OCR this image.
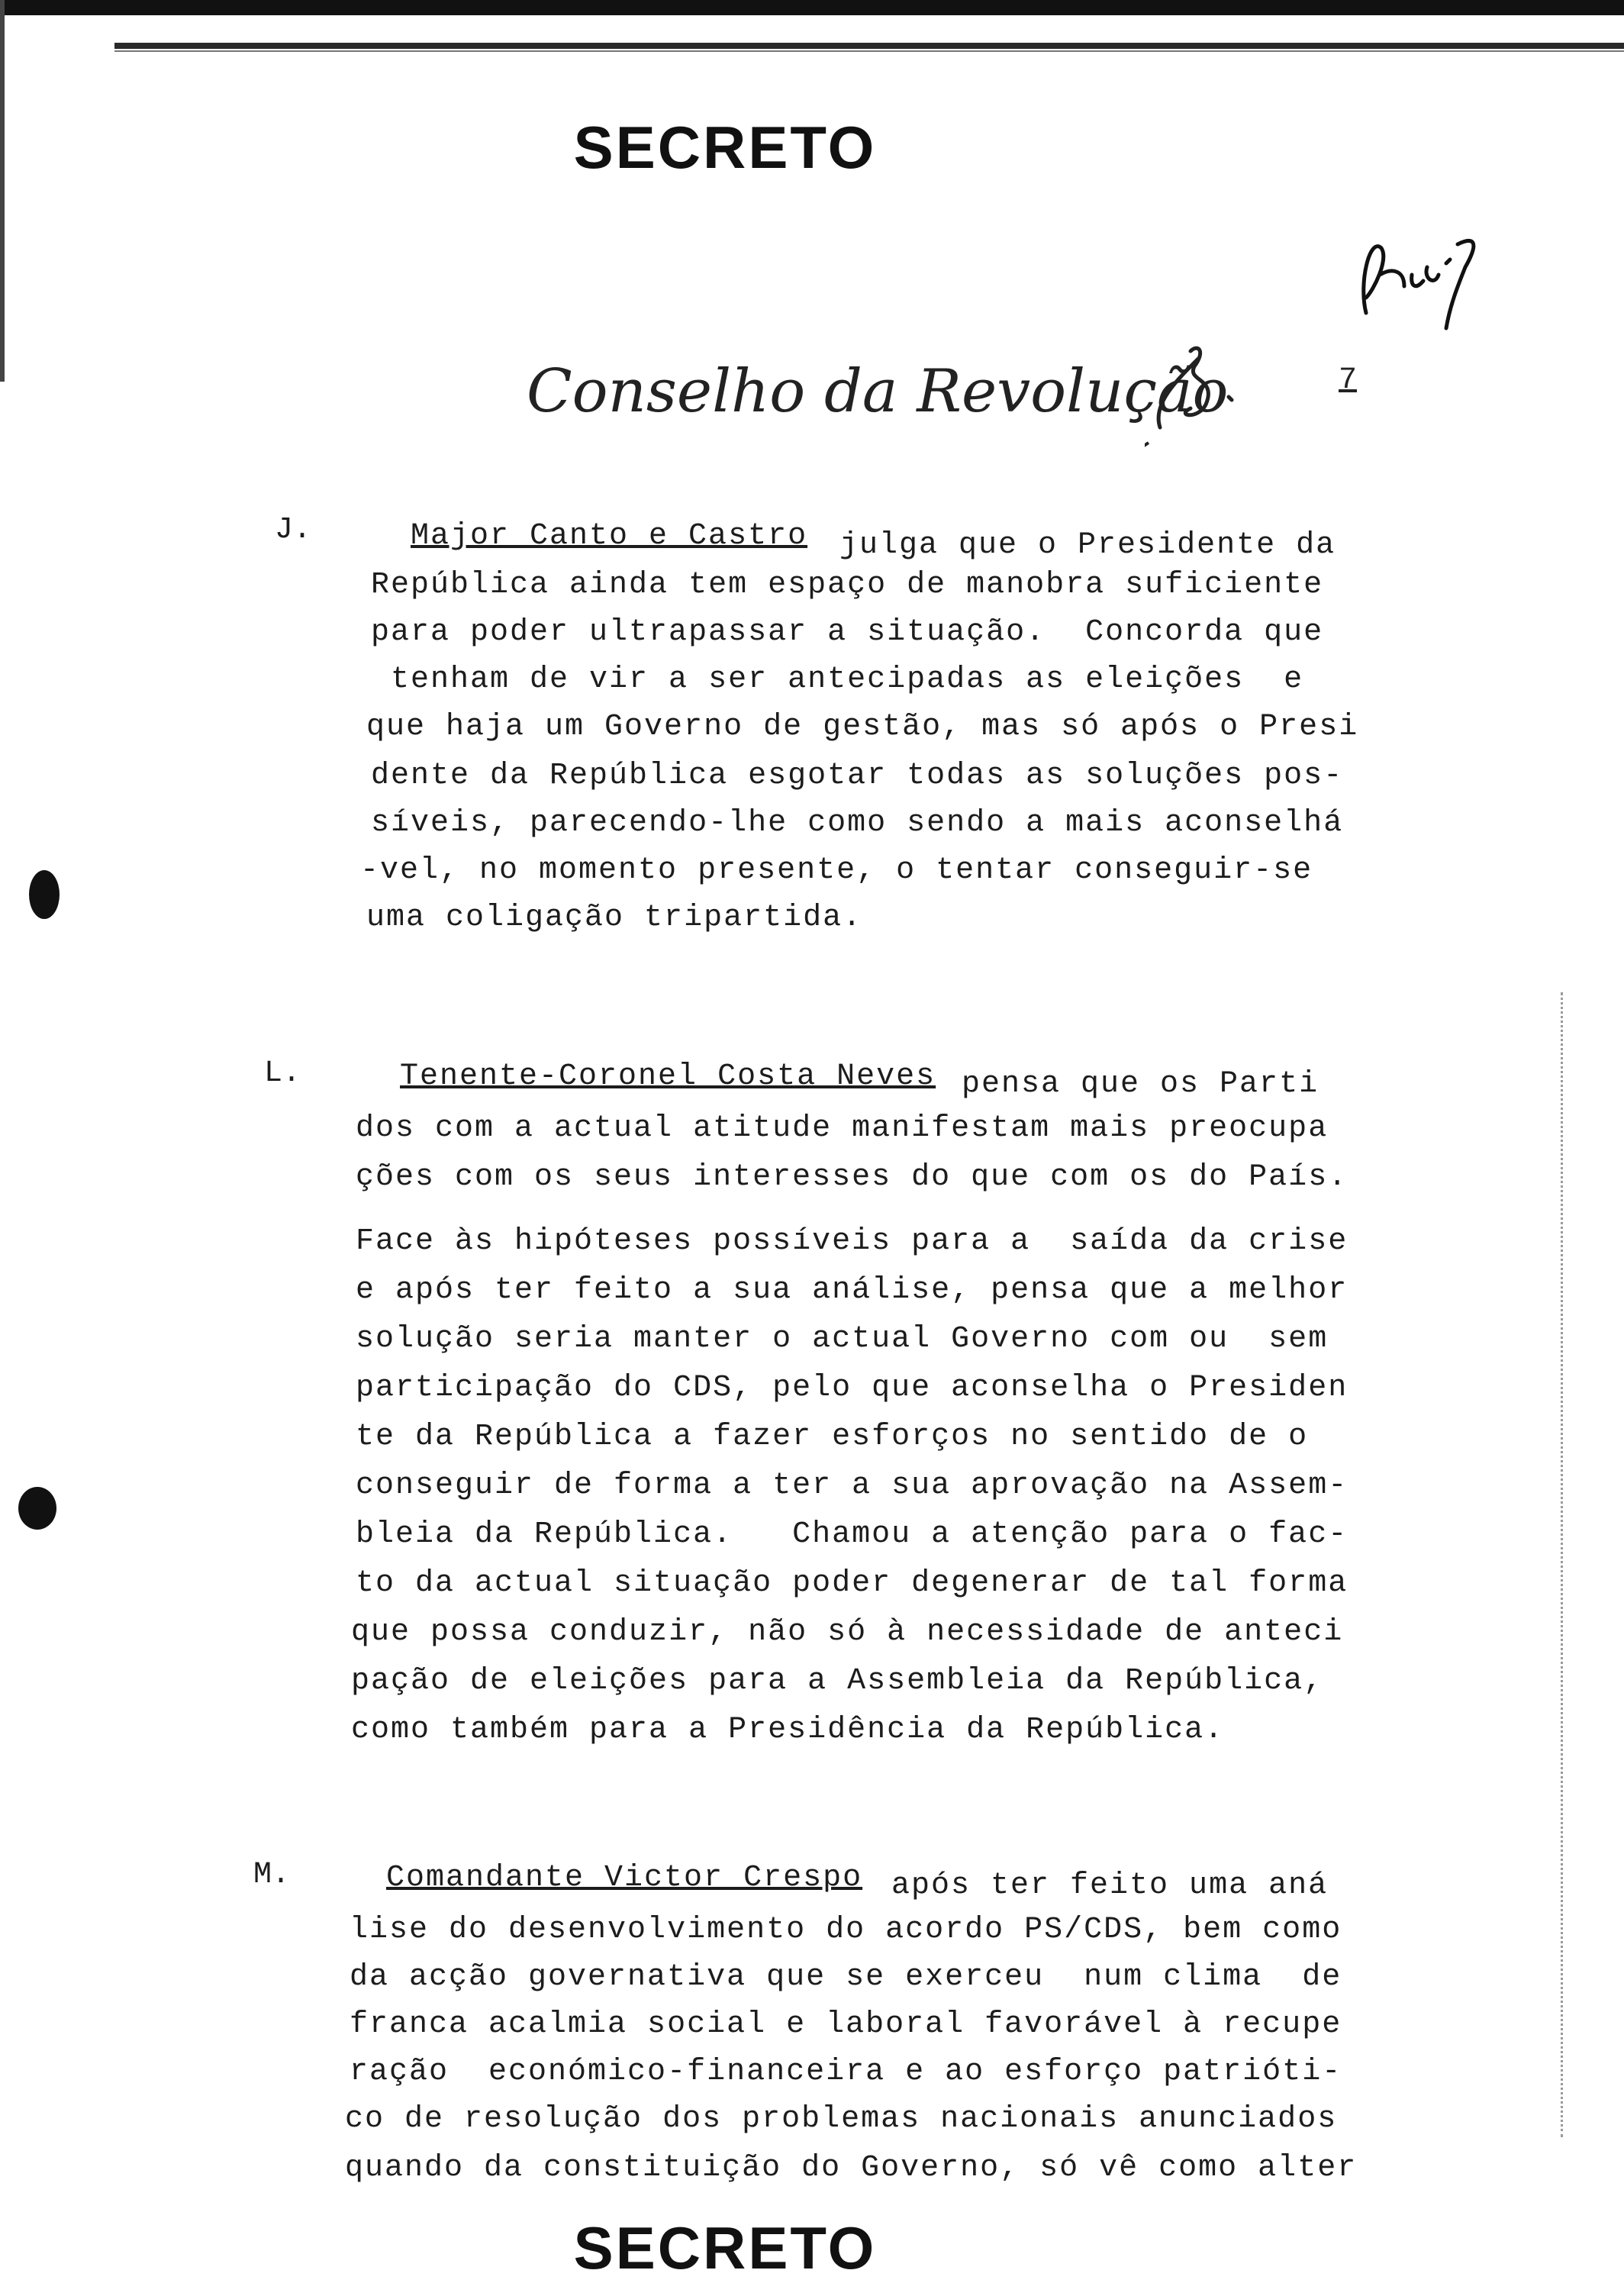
SECRETO
Conselho da Revolução	7
J.	Major Canto e Castro julga que o Presidente da
República ainda tem espaço de manobra suficiente
para poder ultrapassar a situação.  Concorda que
tenham de vir a ser antecipadas as eleições  e
que haja um Governo de gestão, mas só após o Presi
dente da República esgotar todas as soluções pos-
síveis, parecendo-lhe como sendo a mais aconselhá
-vel, no momento presente, o tentar conseguir-se
uma coligação tripartida.
L.	Tenente-Coronel Costa Neves pensa que os Parti
dos com a actual atitude manifestam mais preocupa
ções com os seus interesses do que com os do País.
Face às hipóteses possíveis para a  saída da crise
e após ter feito a sua análise, pensa que a melhor
solução seria manter o actual Governo com ou  sem
participação do CDS, pelo que aconselha o Presiden
te da República a fazer esforços no sentido de o
conseguir de forma a ter a sua aprovação na Assem-
bleia da República.   Chamou a atenção para o fac-
to da actual situação poder degenerar de tal forma
que possa conduzir, não só à necessidade de anteci
pação de eleições para a Assembleia da República,
como também para a Presidência da República.
M.	Comandante Victor Crespo após ter feito uma aná
lise do desenvolvimento do acordo PS/CDS, bem como
da acção governativa que se exerceu  num clima  de
franca acalmia social e laboral favorável à recupe
ração  económico-financeira e ao esforço patrióti-
co de resolução dos problemas nacionais anunciados
quando da constituição do Governo, só vê como alter
SECRETO
